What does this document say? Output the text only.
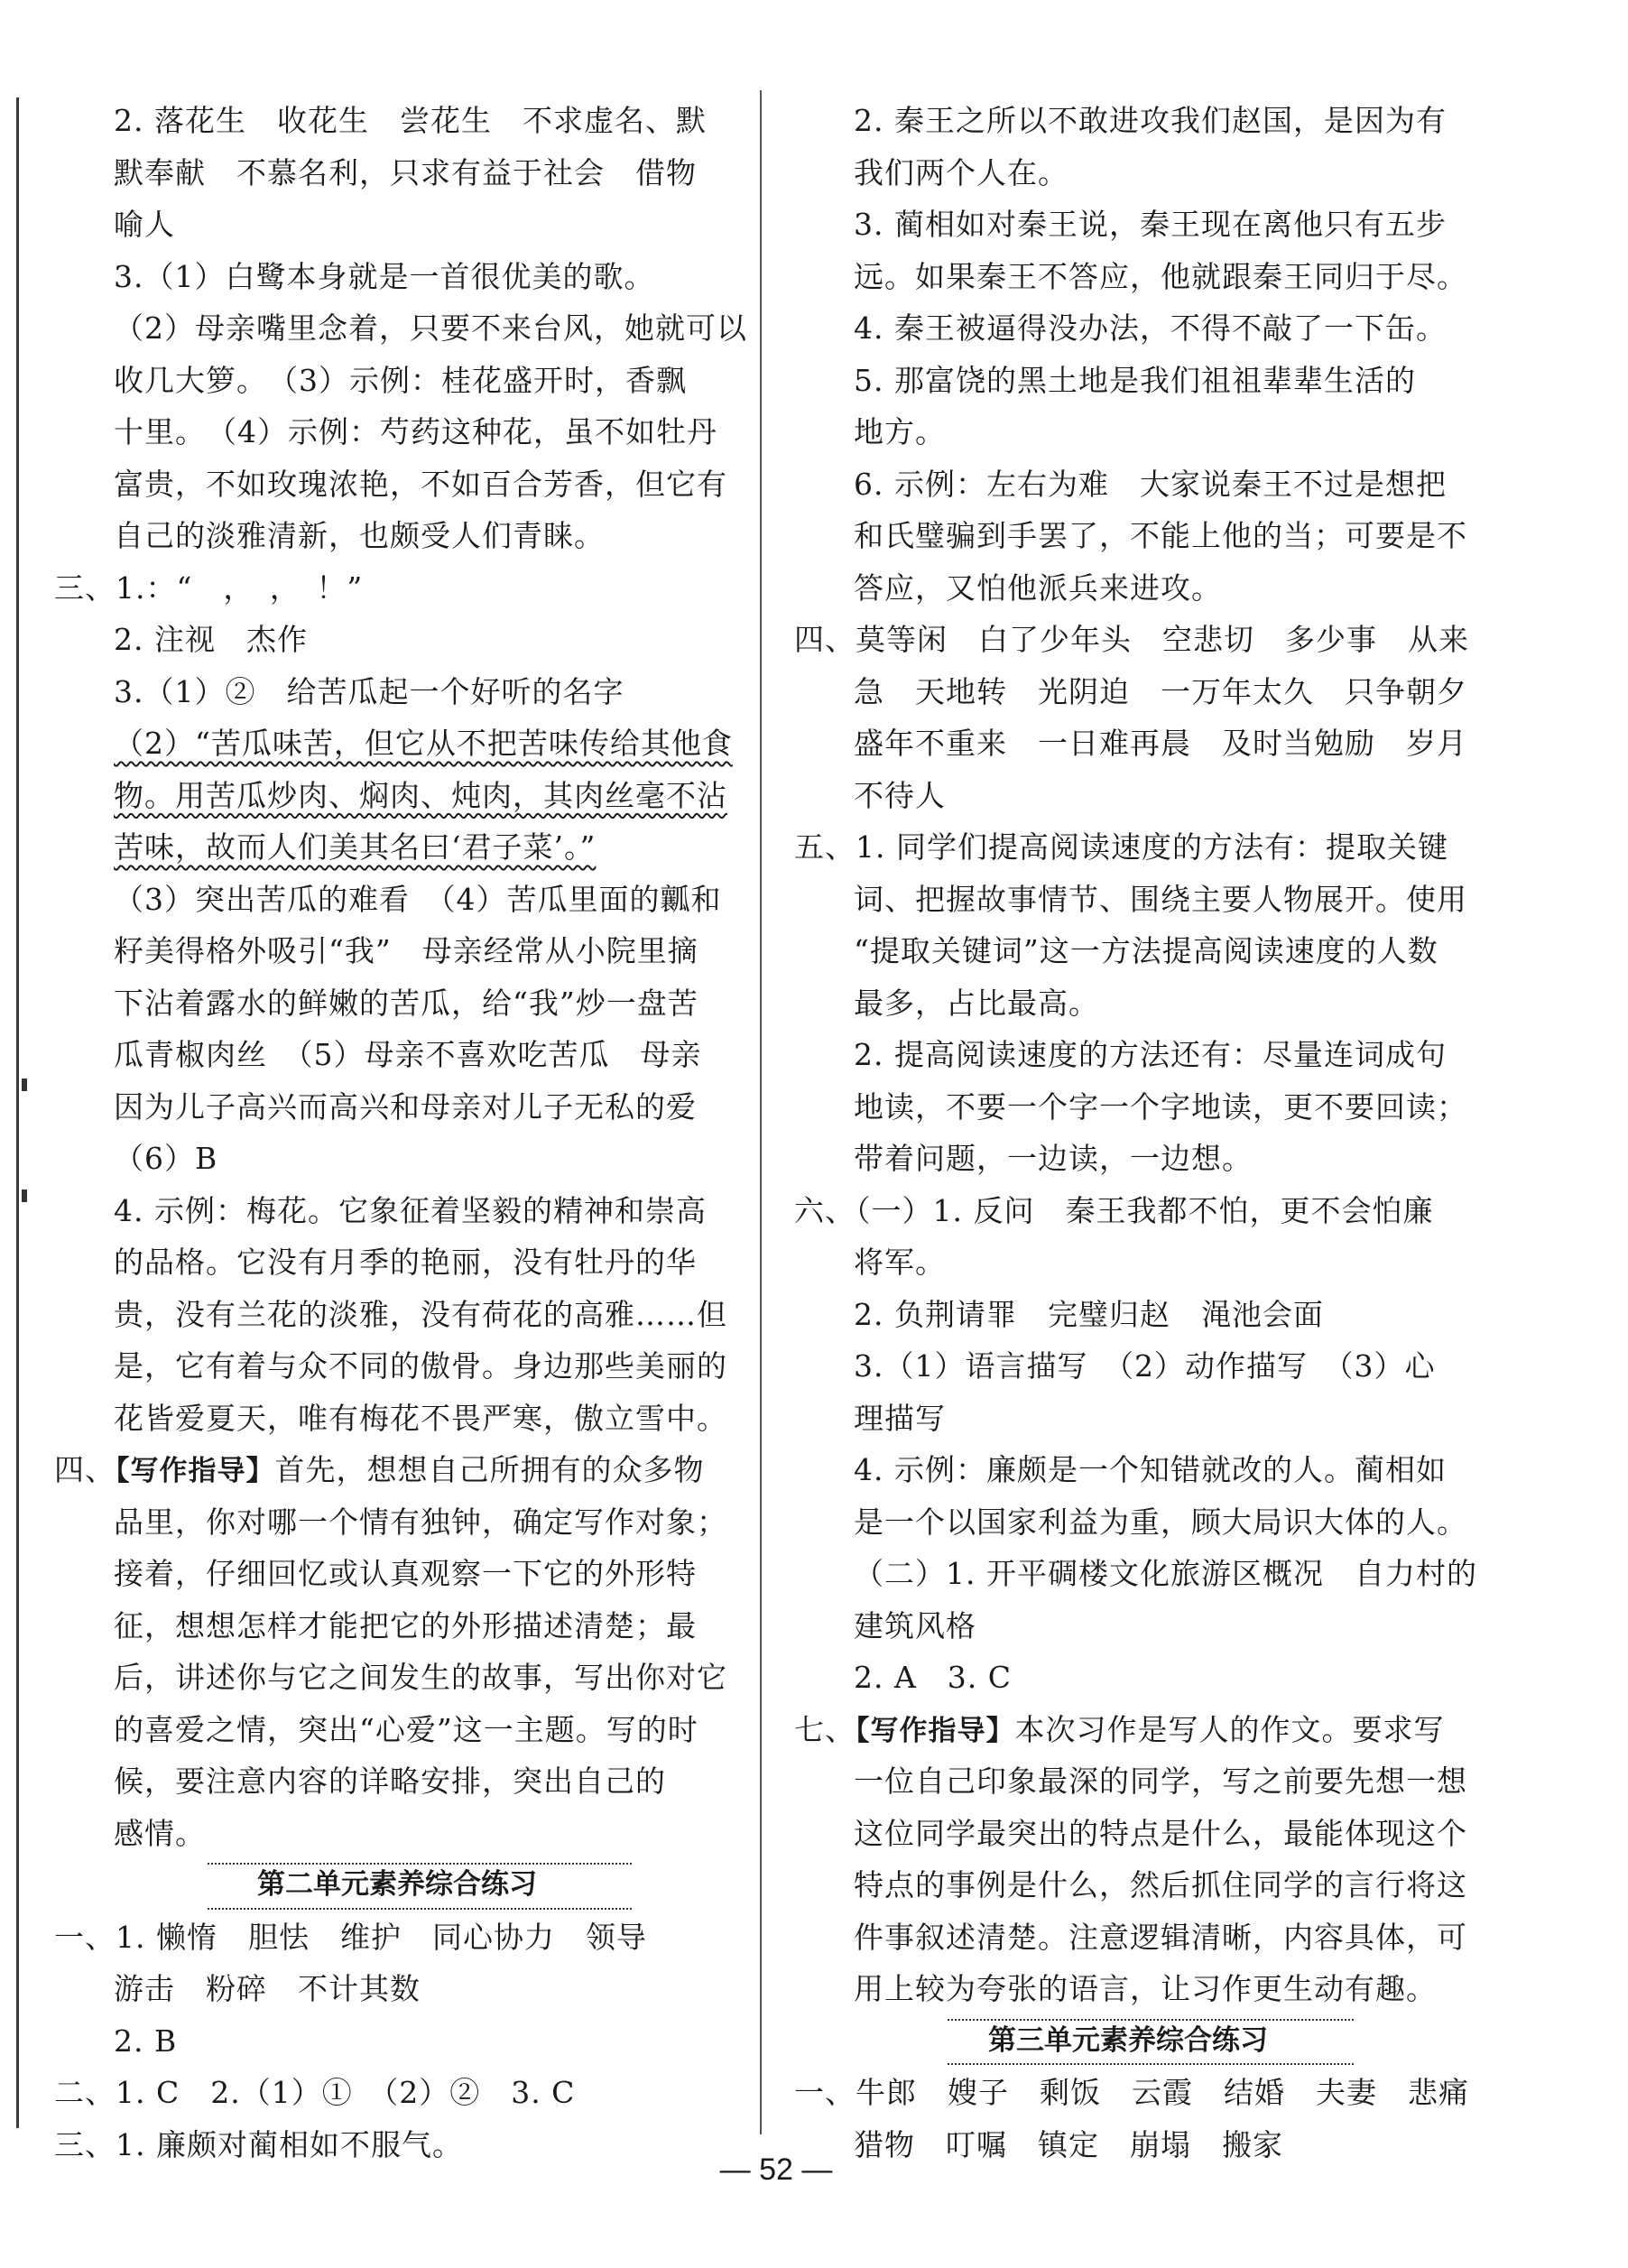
2. 落花生　收花生　尝花生　不求虚名、默
默奉献　不慕名利，只求有益于社会　借物
喻人
3.（1）白鹭本身就是一首很优美的歌。
（2）母亲嘴里念着，只要不来台风，她就可以
收几大箩。　（3）示例：桂花盛开时，香飘
十里。　（4）示例：芍药这种花，虽不如牡丹
富贵，不如玫瑰浓艳，不如百合芳香，但它有
自己的淡雅清新，也颇受人们青睐。
三、1.：“　，　，　！”
2. 注视　杰作
3.（1）②　给苦瓜起一个好听的名字
（2）“苦瓜味苦，但它从不把苦味传给其他食
物。用苦瓜炒肉、焖肉、炖肉，其肉丝毫不沾
苦味，故而人们美其名曰‘君子菜’。”
（3）突出苦瓜的难看　（4）苦瓜里面的瓤和
籽美得格外吸引“我”　母亲经常从小院里摘
下沾着露水的鲜嫩的苦瓜，给“我”炒一盘苦
瓜青椒肉丝　（5）母亲不喜欢吃苦瓜　母亲
因为儿子高兴而高兴和母亲对儿子无私的爱
（6）B
4. 示例：梅花。它象征着坚毅的精神和崇高
的品格。它没有月季的艳丽，没有牡丹的华
贵，没有兰花的淡雅，没有荷花的高雅……但
是，它有着与众不同的傲骨。身边那些美丽的
花皆爱夏天，唯有梅花不畏严寒，傲立雪中。
四、【写作指导】首先，想想自己所拥有的众多物
品里，你对哪一个情有独钟，确定写作对象；
接着，仔细回忆或认真观察一下它的外形特
征，想想怎样才能把它的外形描述清楚；最
后，讲述你与它之间发生的故事，写出你对它
的喜爱之情，突出“心爱”这一主题。写的时
候，要注意内容的详略安排，突出自己的
感情。
第二单元素养综合练习
一、1. 懒惰　胆怯　维护　同心协力　领导
游击　粉碎　不计其数
2. B
二、1. C　2.（1）①　（2）②　3. C
三、1. 廉颇对蔺相如不服气。
2. 秦王之所以不敢进攻我们赵国，是因为有
我们两个人在。
3. 蔺相如对秦王说，秦王现在离他只有五步
远。如果秦王不答应，他就跟秦王同归于尽。
4. 秦王被逼得没办法，不得不敲了一下缶。
5. 那富饶的黑土地是我们祖祖辈辈生活的
地方。
6. 示例：左右为难　大家说秦王不过是想把
和氏璧骗到手罢了，不能上他的当；可要是不
答应，又怕他派兵来进攻。
四、莫等闲　白了少年头　空悲切　多少事　从来
急　天地转　光阴迫　一万年太久　只争朝夕
盛年不重来　一日难再晨　及时当勉励　岁月
不待人
五、1. 同学们提高阅读速度的方法有：提取关键
词、把握故事情节、围绕主要人物展开。使用
“提取关键词”这一方法提高阅读速度的人数
最多，占比最高。
2. 提高阅读速度的方法还有：尽量连词成句
地读，不要一个字一个字地读，更不要回读；
带着问题，一边读，一边想。
六、（一）1. 反问　秦王我都不怕，更不会怕廉
将军。
2. 负荆请罪　完璧归赵　渑池会面
3.（1）语言描写　（2）动作描写　（3）心
理描写
4. 示例：廉颇是一个知错就改的人。蔺相如
是一个以国家利益为重，顾大局识大体的人。
（二）1. 开平碉楼文化旅游区概况　自力村的
建筑风格
2. A　3. C
七、【写作指导】本次习作是写人的作文。要求写
一位自己印象最深的同学，写之前要先想一想
这位同学最突出的特点是什么，最能体现这个
特点的事例是什么，然后抓住同学的言行将这
件事叙述清楚。注意逻辑清晰，内容具体，可
用上较为夸张的语言，让习作更生动有趣。
第三单元素养综合练习
一、牛郎　嫂子　剩饭　云霞　结婚　夫妻　悲痛
猎物　叮嘱　镇定　崩塌　搬家
— 52 —
